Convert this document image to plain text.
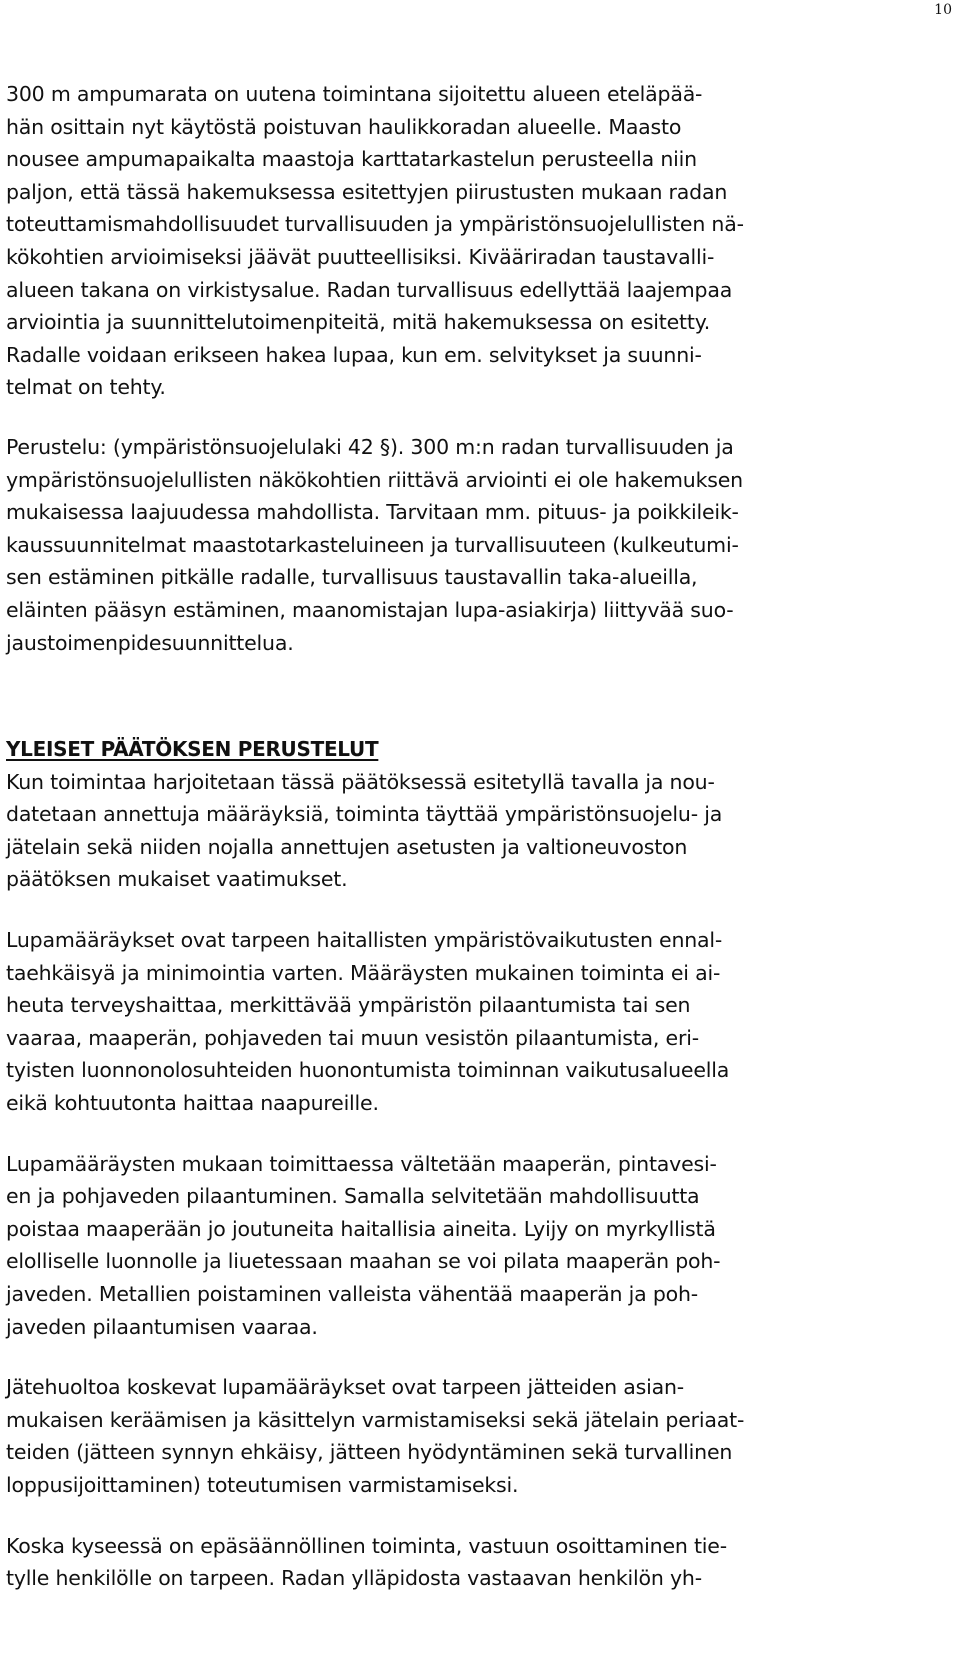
10

300 m ampumarata on uutena toimintana sijoitettu alueen eteläpää-
hän osittain nyt käytöstä poistuvan haulikkoradan alueelle. Maasto
nousee ampumapaikalta maastoja karttatarkastelun perusteella niin
paljon, että tässä hakemuksessa esitettyjen piirustusten mukaan radan
toteuttamismahdollisuudet turvallisuuden ja ympäristönsuojelullisten nä-
kökohtien arvioimiseksi jäävät puutteellisiksi. Kivääriradan taustavalli-
alueen takana on virkistysalue. Radan turvallisuus edellyttää laajempaa
arviointia ja suunnittelutoimenpiteitä, mitä hakemuksessa on esitetty.
Radalle voidaan erikseen hakea lupaa, kun em. selvitykset ja suunni-
telmat on tehty.

Perustelu: (ympäristönsuojelulaki 42 §). 300 m:n radan turvallisuuden ja
ympäristönsuojelullisten näkökohtien riittävä arviointi ei ole hakemuksen
mukaisessa laajuudessa mahdollista. Tarvitaan mm. pituus- ja poikkileik-
kaussuunnitelmat maastotarkasteluineen ja turvallisuuteen (kulkeutumi-
sen estäminen pitkälle radalle, turvallisuus taustavallin taka-alueilla,
eläinten pääsyn estäminen, maanomistajan lupa-asiakirja) liittyvää suo-
jaustoimenpidesuunnittelua.

YLEISET PÄÄTÖKSEN PERUSTELUT

Kun toimintaa harjoitetaan tässä päätöksessä esitetyllä tavalla ja nou-
datetaan annettuja määräyksiä, toiminta täyttää ympäristönsuojelu- ja
jätelain sekä niiden nojalla annettujen asetusten ja valtioneuvoston
päätöksen mukaiset vaatimukset.

Lupamääräykset ovat tarpeen haitallisten ympäristövaikutusten ennal-
taehkäisyä ja minimointia varten. Määräysten mukainen toiminta ei ai-
heuta terveyshaittaa, merkittävää ympäristön pilaantumista tai sen
vaaraa, maaperän, pohjaveden tai muun vesistön pilaantumista, eri-
tyisten luonnonolosuhteiden huonontumista toiminnan vaikutusalueella
eikä kohtuutonta haittaa naapureille.

Lupamääräysten mukaan toimittaessa vältetään maaperän, pintavesi-
en ja pohjaveden pilaantuminen. Samalla selvitetään mahdollisuutta
poistaa maaperään jo joutuneita haitallisia aineita. Lyijy on myrkyllistä
elolliselle luonnolle ja liuetessaan maahan se voi pilata maaperän poh-
javeden. Metallien poistaminen valleista vähentää maaperän ja poh-
javeden pilaantumisen vaaraa.

Jätehuoltoa koskevat lupamääräykset ovat tarpeen jätteiden asian-
mukaisen keräämisen ja käsittelyn varmistamiseksi sekä jätelain periaat-
teiden (jätteen synnyn ehkäisy, jätteen hyödyntäminen sekä turvallinen
loppusijoittaminen) toteutumisen varmistamiseksi.

Koska kyseessä on epäsäännöllinen toiminta, vastuun osoittaminen tie-
tylle henkilölle on tarpeen. Radan ylläpidosta vastaavan henkilön yh-
